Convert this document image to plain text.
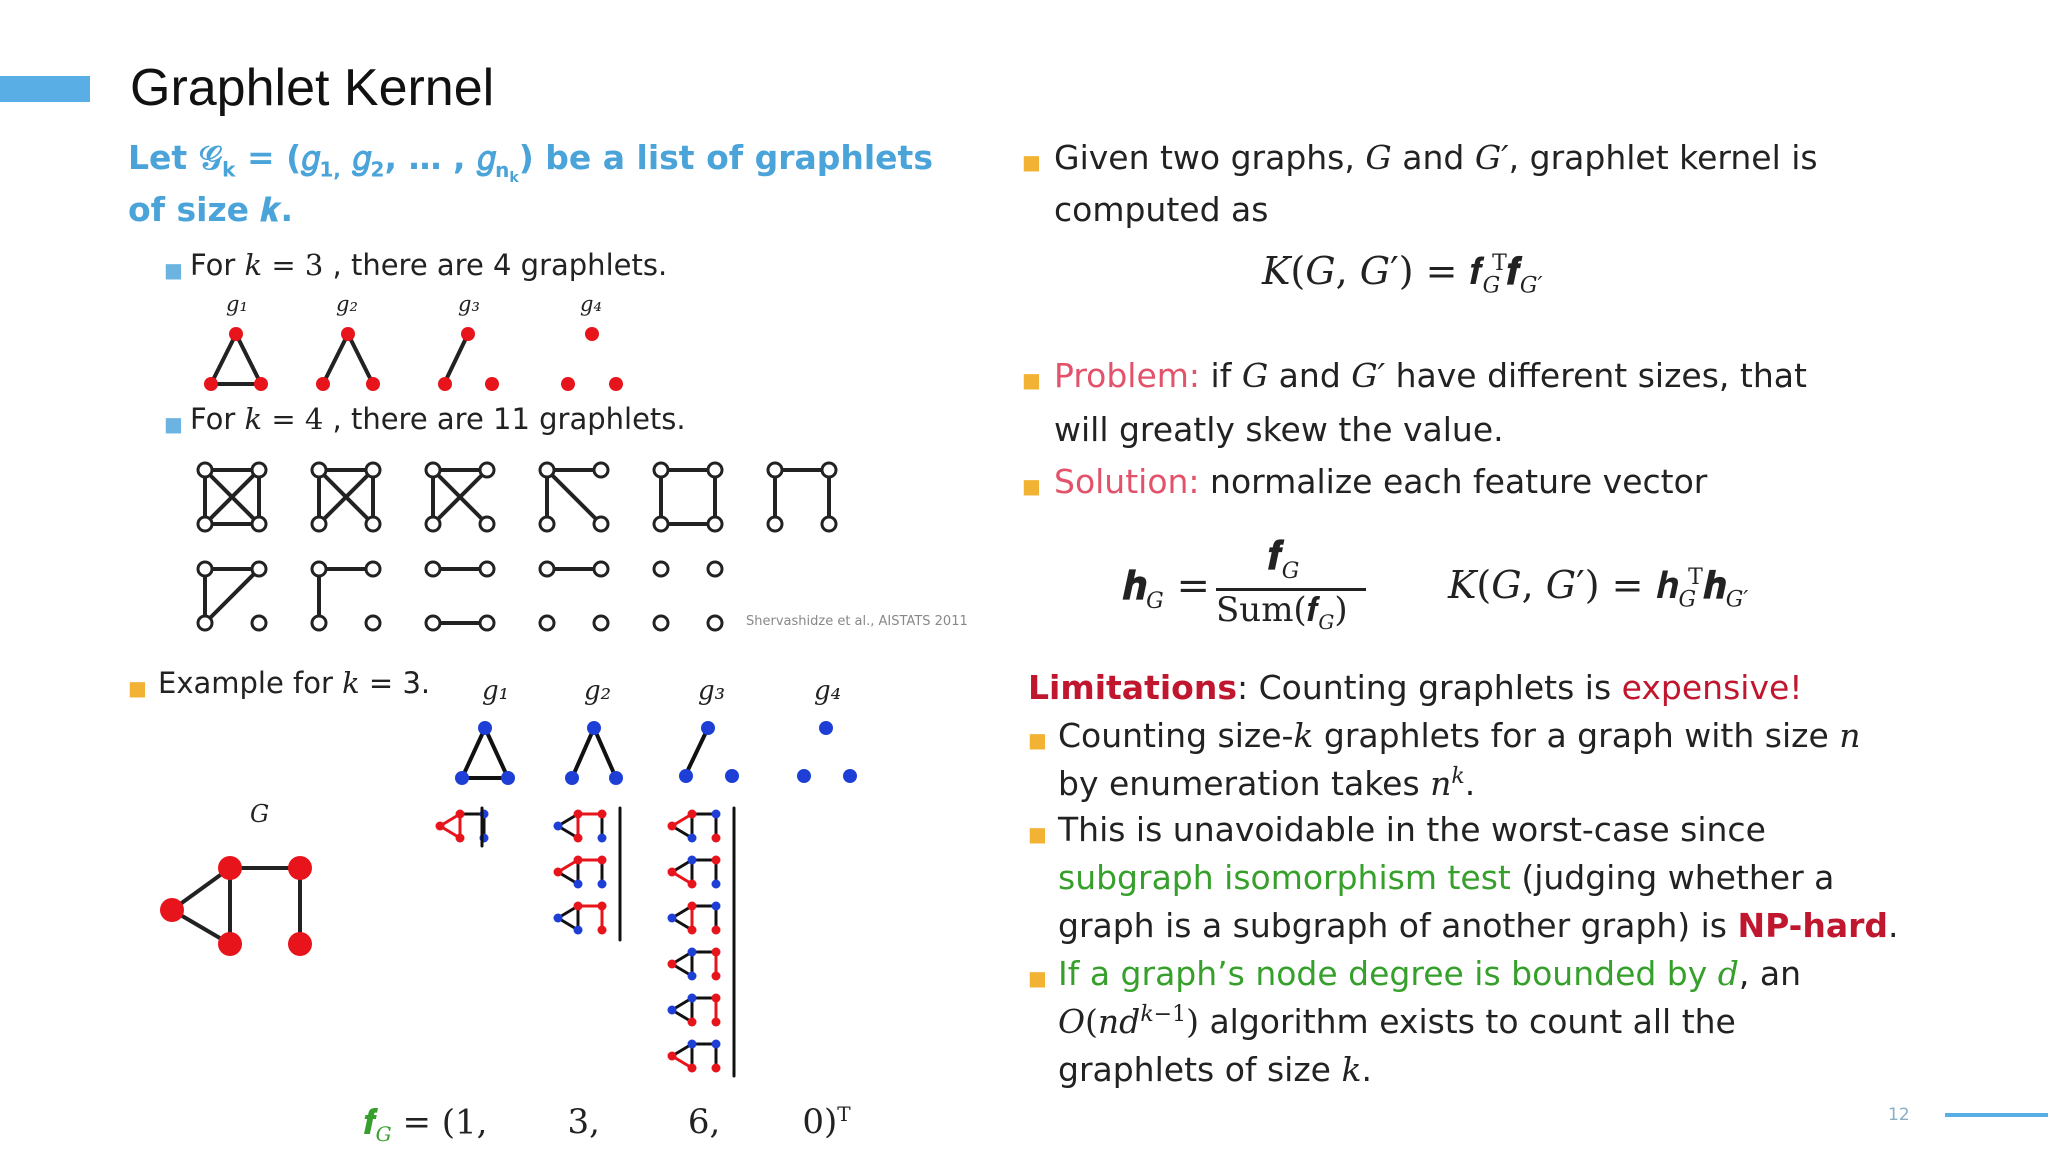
Graphlet Kernel
Let 𝒢$_k$ = (𝑔$_{1,}$ 𝑔$_2$, … , 𝑔$_{n_k}$) be a list of graphlets
of size 𝒌.
■ For 𝑘 = 3 , there are 4 graphlets.
𝑔₁	𝑔₂	𝑔₃	𝑔₄
■ For 𝑘 = 4 , there are 11 graphlets.
Shervashidze et al., AISTATS 2011
■ Example for 𝑘 = 3. 𝑔₁	𝑔₂	𝑔₃	𝑔₄
𝐺
𝒇$_G$ = (1, 3,	6, 0)$^T$
■ Given two graphs, 𝐺 and 𝐺′, graphlet kernel is
computed as
𝐾(𝐺, 𝐺′) = 𝒇$_G^T$𝒇$_{G'}$
■ Problem: if 𝐺 and 𝐺′ have different sizes, that
will greatly skew the value.
■ Solution: normalize each feature vector
𝒉$_G$ =
𝒇$_G$
Sum(𝒇$_G$)
𝐾(𝐺, 𝐺′) = 𝒉$_G^T$𝒉$_{G'}$
Limitations: Counting graphlets is expensive!
■ Counting size-𝑘 graphlets for a graph with size 𝑛
by enumeration takes 𝑛$^𝑘$.
■ This is unavoidable in the worst-case since
subgraph isomorphism test (judging whether a
graph is a subgraph of another graph) is NP-hard.
■ If a graph’s node degree is bounded by 𝑑, an
𝑂(𝑛𝑑$^{𝑘-1}$) algorithm exists to count all the
graphlets of size 𝑘.
12
